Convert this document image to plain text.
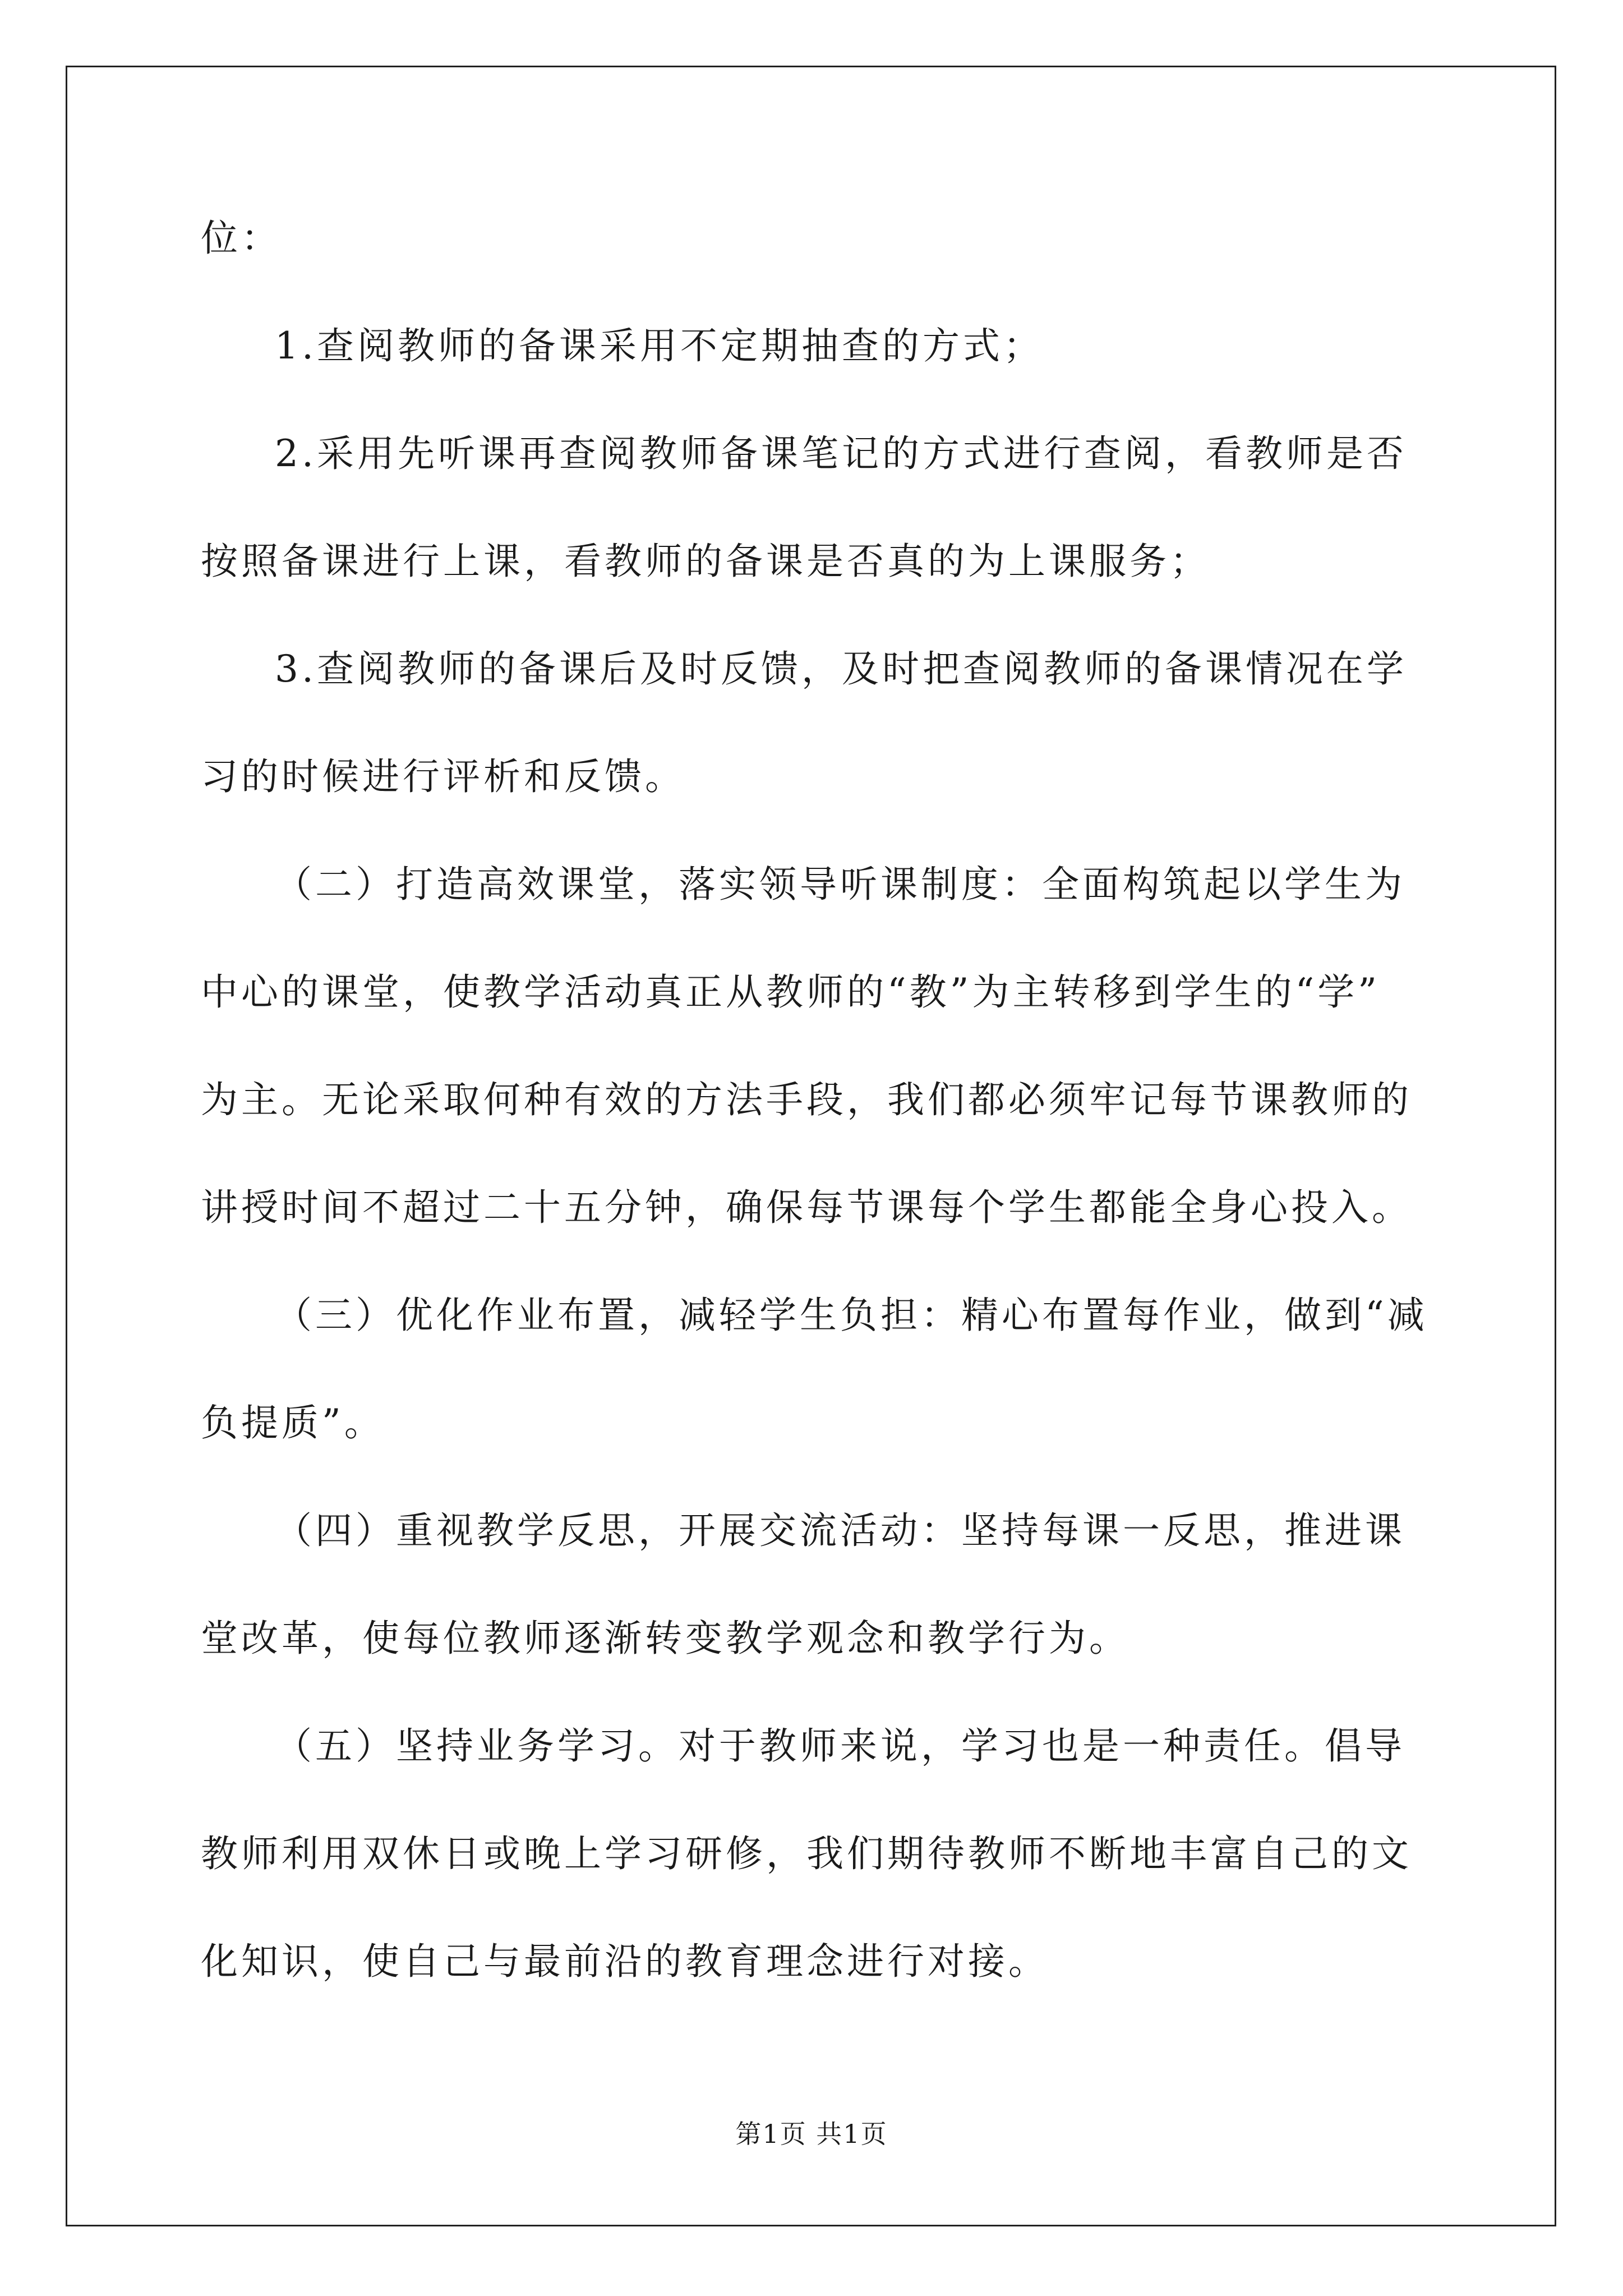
位：
1.查阅教师的备课采用不定期抽查的方式；
2.采用先听课再查阅教师备课笔记的方式进行查阅，看教师是否
按照备课进行上课，看教师的备课是否真的为上课服务；
3.查阅教师的备课后及时反馈，及时把查阅教师的备课情况在学
习的时候进行评析和反馈。
（二）打造高效课堂，落实领导听课制度：全面构筑起以学生为
中心的课堂，使教学活动真正从教师的“教”为主转移到学生的“学”
为主。无论采取何种有效的方法手段，我们都必须牢记每节课教师的
讲授时间不超过二十五分钟，确保每节课每个学生都能全身心投入。
（三）优化作业布置，减轻学生负担：精心布置每作业，做到“减
负提质”。
（四）重视教学反思，开展交流活动：坚持每课一反思，推进课
堂改革，使每位教师逐渐转变教学观念和教学行为。
（五）坚持业务学习。对于教师来说，学习也是一种责任。倡导
教师利用双休日或晚上学习研修，我们期待教师不断地丰富自己的文
化知识，使自己与最前沿的教育理念进行对接。
第1页 共1页
